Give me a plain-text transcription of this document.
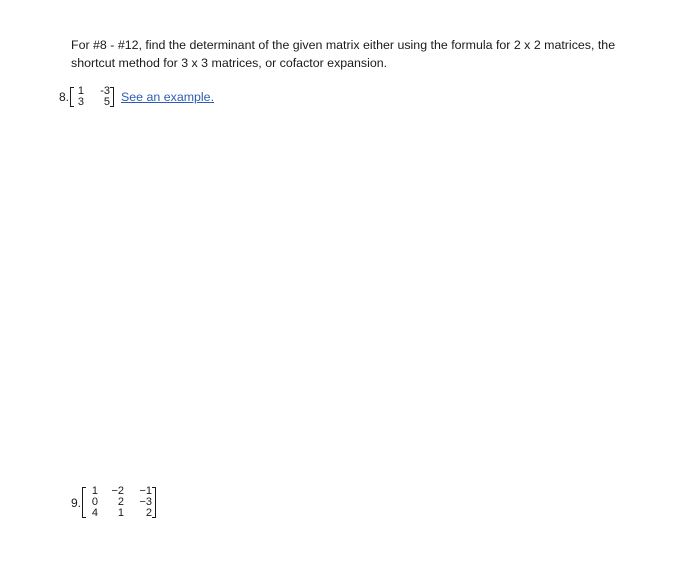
For #8 - #12, find the determinant of the given matrix either using the formula for 2 x 2 matrices, the
shortcut method for 3 x 3 matrices, or cofactor expansion.
8. 1	-3
3	5 See an example.
9.
1	−2	−1
0	2	−3
4	1	2
